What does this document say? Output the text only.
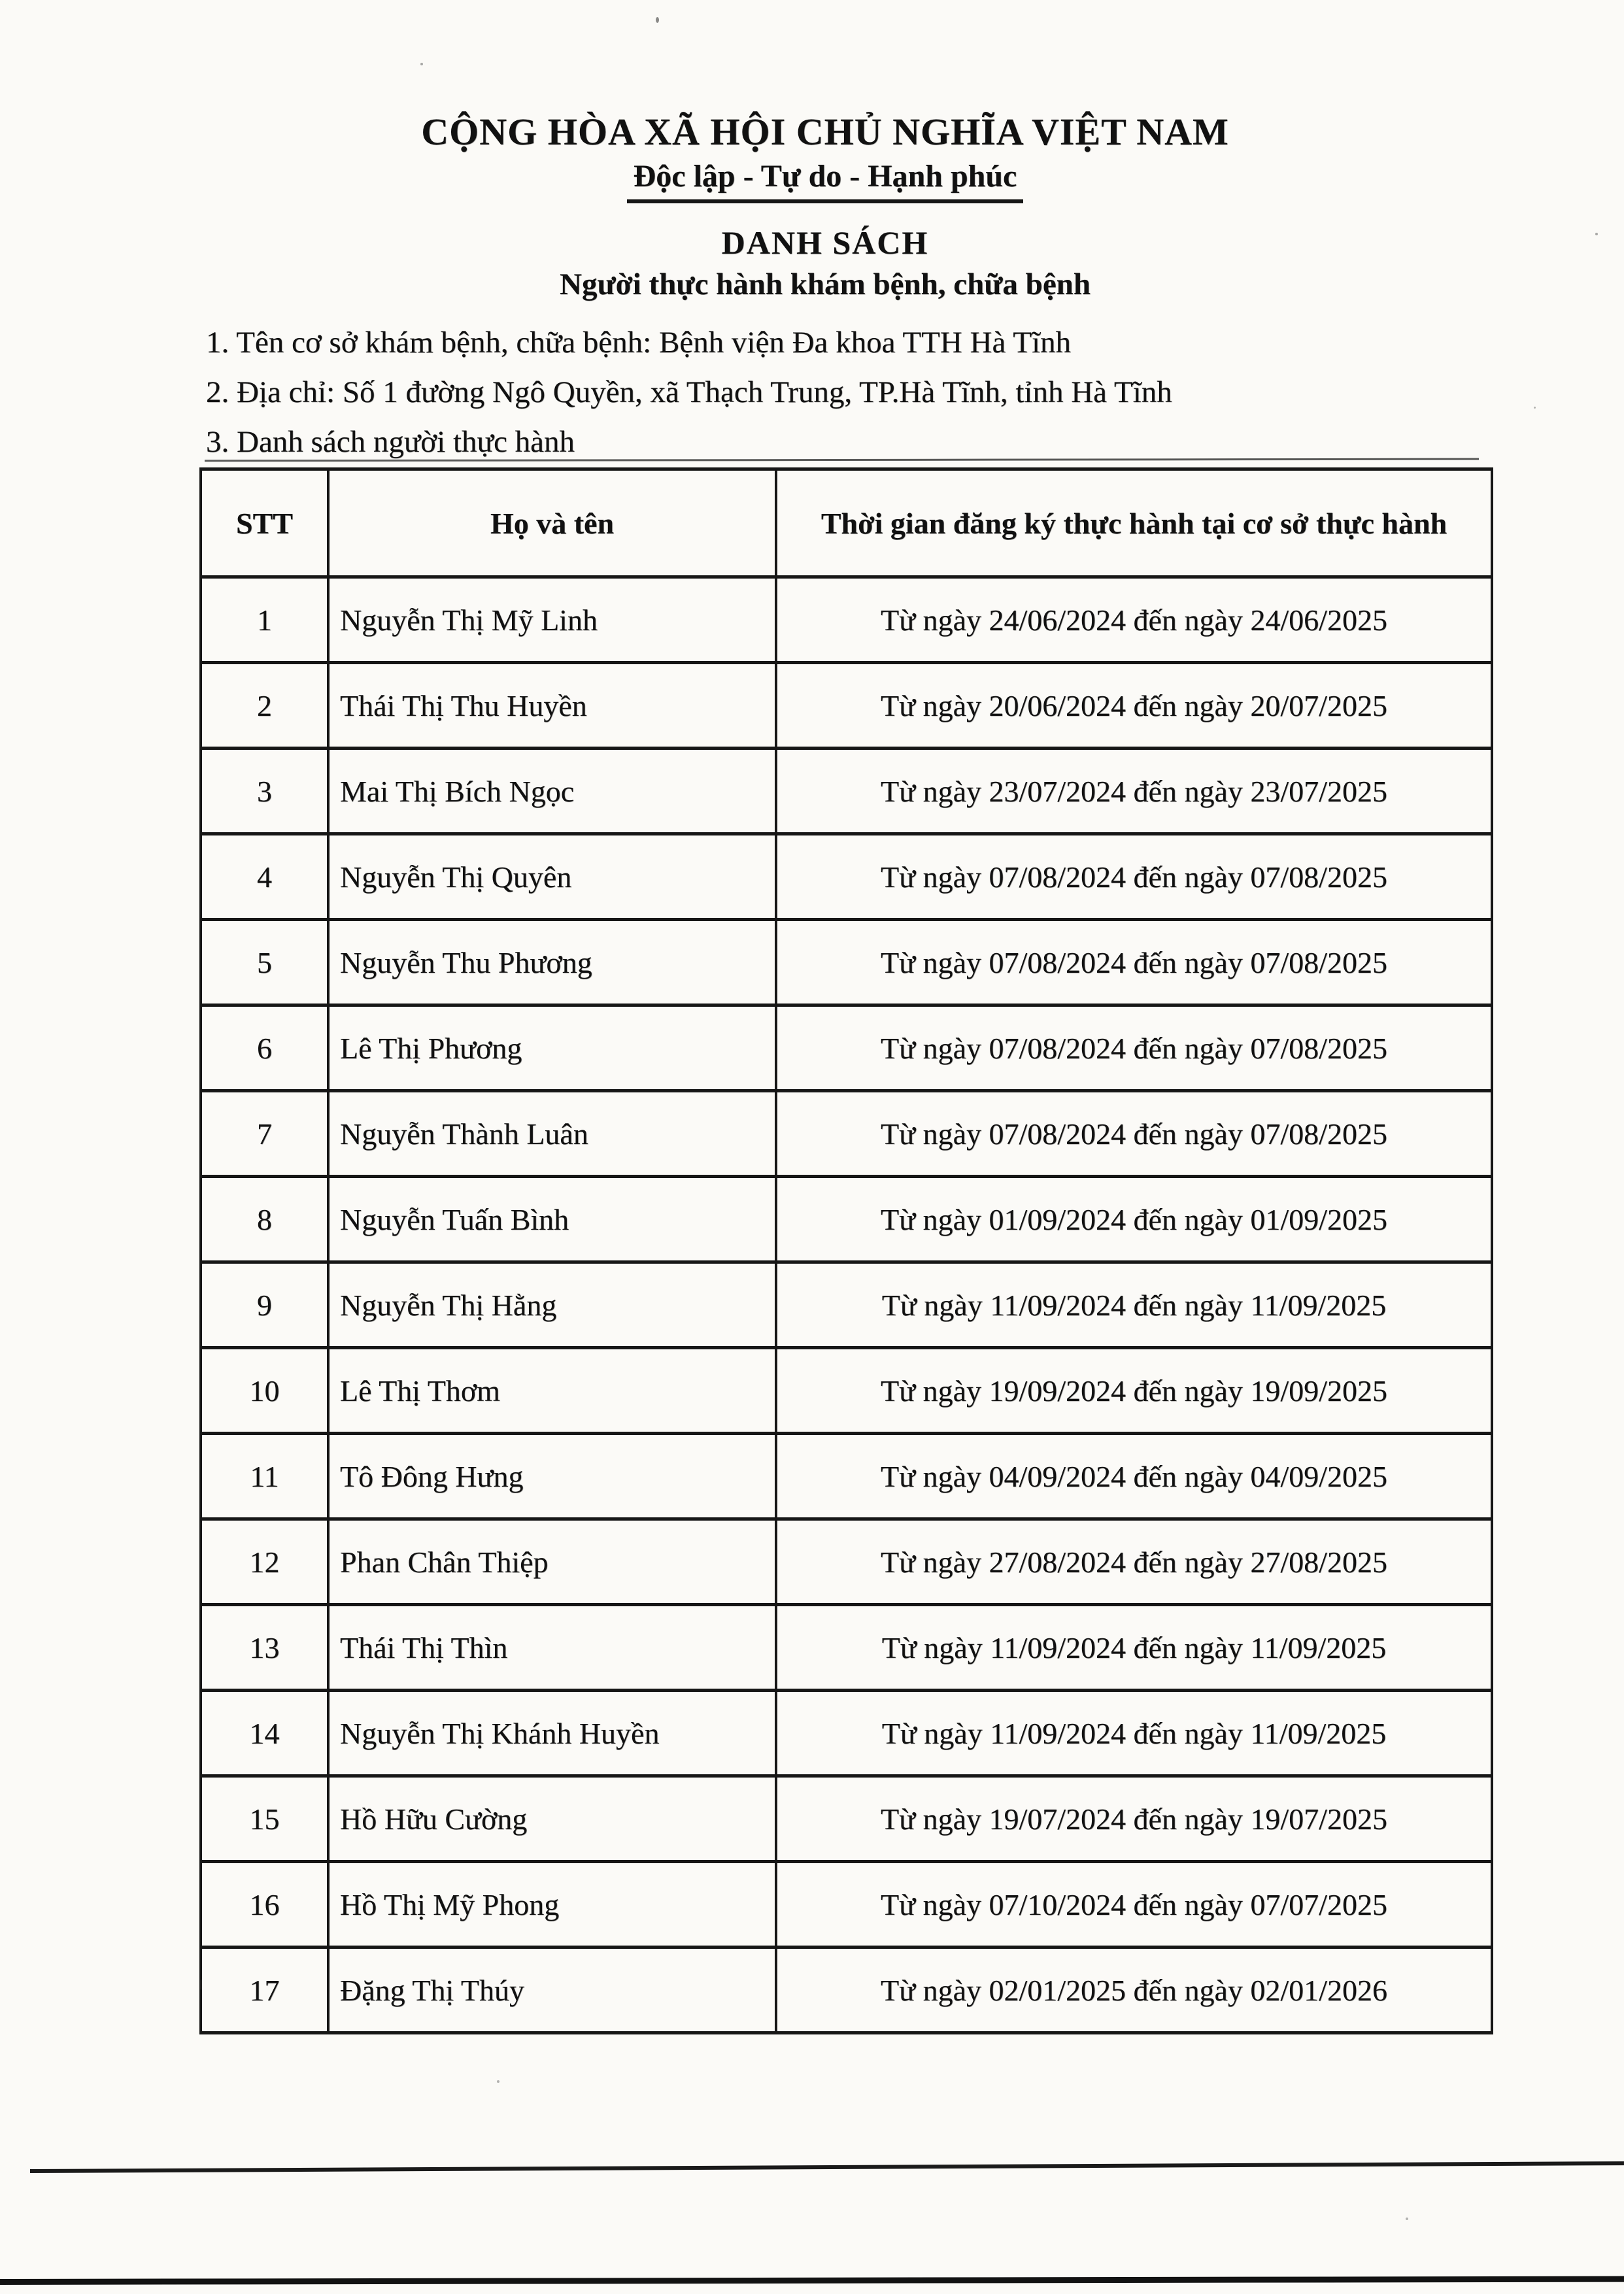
CỘNG HÒA XÃ HỘI CHỦ NGHĨA VIỆT NAM
Độc lập - Tự do - Hạnh phúc
DANH SÁCH
Người thực hành khám bệnh, chữa bệnh
1. Tên cơ sở khám bệnh, chữa bệnh: Bệnh viện Đa khoa TTH Hà Tĩnh
2. Địa chỉ: Số 1 đường Ngô Quyền, xã Thạch Trung, TP.Hà Tĩnh, tỉnh Hà Tĩnh
3. Danh sách người thực hành
STT	Họ và tên	Thời gian đăng ký thực hành tại cơ sở thực hành
1	Nguyễn Thị Mỹ Linh	Từ ngày 24/06/2024 đến ngày 24/06/2025
2	Thái Thị Thu Huyền	Từ ngày 20/06/2024 đến ngày 20/07/2025
3	Mai Thị Bích Ngọc	Từ ngày 23/07/2024 đến ngày 23/07/2025
4	Nguyễn Thị Quyên	Từ ngày 07/08/2024 đến ngày 07/08/2025
5	Nguyễn Thu Phương	Từ ngày 07/08/2024 đến ngày 07/08/2025
6	Lê Thị Phương	Từ ngày 07/08/2024 đến ngày 07/08/2025
7	Nguyễn Thành Luân	Từ ngày 07/08/2024 đến ngày 07/08/2025
8	Nguyễn Tuấn Bình	Từ ngày 01/09/2024 đến ngày 01/09/2025
9	Nguyễn Thị Hằng	Từ ngày 11/09/2024 đến ngày 11/09/2025
10	Lê Thị Thơm	Từ ngày 19/09/2024 đến ngày 19/09/2025
11	Tô Đông Hưng	Từ ngày 04/09/2024 đến ngày 04/09/2025
12	Phan Chân Thiệp	Từ ngày 27/08/2024 đến ngày 27/08/2025
13	Thái Thị Thìn	Từ ngày 11/09/2024 đến ngày 11/09/2025
14	Nguyễn Thị Khánh Huyền	Từ ngày 11/09/2024 đến ngày 11/09/2025
15	Hồ Hữu Cường	Từ ngày 19/07/2024 đến ngày 19/07/2025
16	Hồ Thị Mỹ Phong	Từ ngày 07/10/2024 đến ngày 07/07/2025
17	Đặng Thị Thúy	Từ ngày 02/01/2025 đến ngày 02/01/2026
